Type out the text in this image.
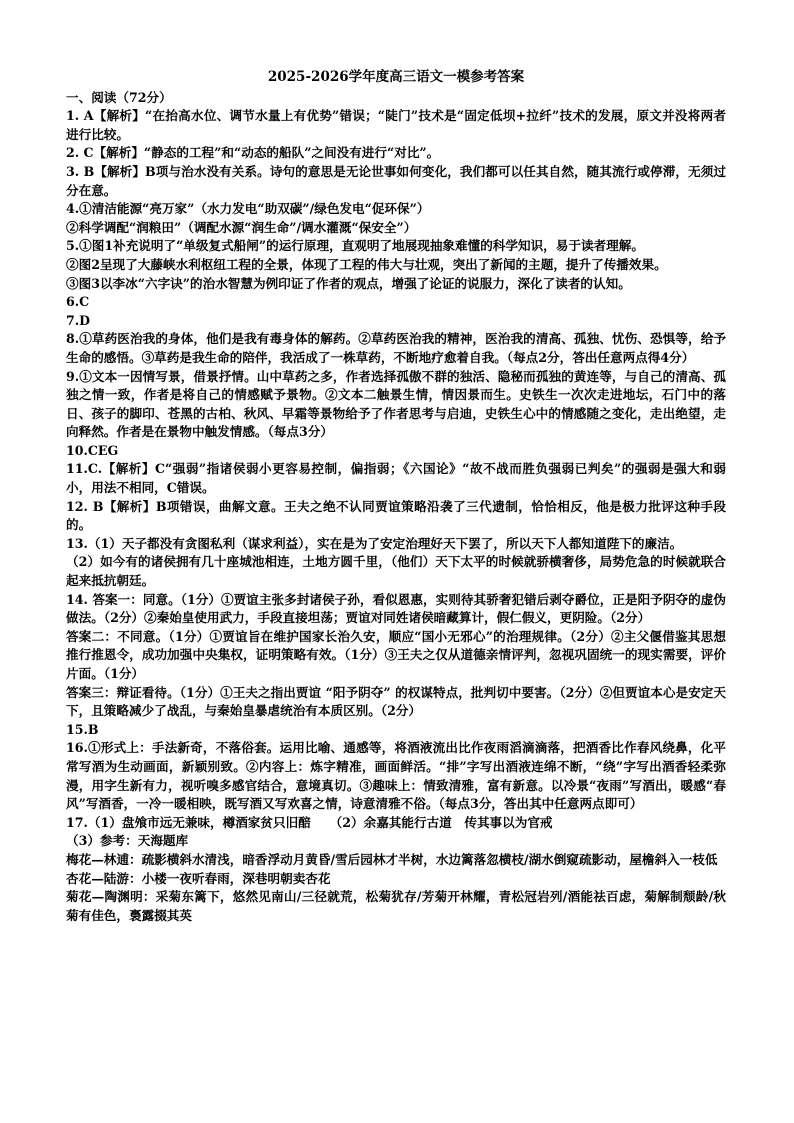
2025-2026学年度高三语文一模参考答案

一、阅读（72分）

1. A【解析】“在抬高水位、调节水量上有优势”错误；“陡门”技术是“固定低坝+拉纤”技术的发展，原文并没将两者进行比较。

2. C【解析】“静态的工程”和“动态的船队”之间没有进行“对比”。

3. B【解析】B项与治水没有关系。诗句的意思是无论世事如何变化，我们都可以任其自然，随其流行或停滞，无须过分在意。

4.①清洁能源“亮万家”（水力发电“助双碳”/绿色发电“促环保”）

②科学调配“润粮田”（调配水源“润生命”/调水灌溉“保安全”）

5.①图1补充说明了“单级复式船闸”的运行原理，直观明了地展现抽象难懂的科学知识，易于读者理解。

②图2呈现了大藤峡水利枢纽工程的全景，体现了工程的伟大与壮观，突出了新闻的主题，提升了传播效果。

③图3以李冰“六字诀”的治水智慧为例印证了作者的观点，增强了论证的说服力，深化了读者的认知。

6.C

7.D

8.①草药医治我的身体，他们是我有毒身体的解药。②草药医治我的精神，医治我的清高、孤独、忧伤、恐惧等，给予生命的感悟。③草药是我生命的陪伴，我活成了一株草药，不断地疗愈着自我。（每点2分，答出任意两点得4分）

9.①文本一因情写景，借景抒情。山中草药之多，作者选择孤傲不群的独活、隐秘而孤独的黄连等，与自己的清高、孤独之情一致，作者是将自己的情感赋予景物。②文本二触景生情，情因景而生。史铁生一次次走进地坛，石门中的落日、孩子的脚印、苍黑的古柏、秋风、早霜等景物给予了作者思考与启迪，史铁生心中的情感随之变化，走出绝望，走向释然。作者是在景物中触发情感。（每点3分）

10.CEG

11.C.【解析】C“强弱”指诸侯弱小更容易控制，偏指弱；《六国论》“故不战而胜负强弱已判矣”的强弱是强大和弱小，用法不相同，C错误。

12. B【解析】B项错误，曲解文意。王夫之绝不认同贾谊策略沿袭了三代遗制，恰恰相反，他是极力批评这种手段的。

13.（1）天子都没有贪图私利（谋求利益），实在是为了安定治理好天下罢了，所以天下人都知道陛下的廉洁。

（2）如今有的诸侯拥有几十座城池相连，土地方圆千里，（他们）天下太平的时候就骄横奢侈，局势危急的时候就联合起来抵抗朝廷。

14. 答案一：同意。（1分）①贾谊主张多封诸侯子孙，看似恩惠，实则待其骄奢犯错后剥夺爵位，正是阳予阴夺的虚伪做法。（2分）②秦始皇使用武力，手段直接坦荡；贾谊对同姓诸侯暗藏算计，假仁假义，更阴险。（2分）

答案二：不同意。（1分）①贾谊旨在维护国家长治久安，顺应“国小无邪心”的治理规律。（2分）②主父偃借鉴其思想推行推恩令，成功加强中央集权，证明策略有效。（1分）③王夫之仅从道德亲情评判，忽视巩固统一的现实需要，评价片面。（1分）

答案三：辩证看待。（1分）①王夫之指出贾谊 “阳予阴夺” 的权谋特点，批判切中要害。（2分）②但贾谊本心是安定天下，且策略减少了战乱，与秦始皇暴虐统治有本质区别。（2分）

15.B

16.①形式上：手法新奇，不落俗套。运用比喻、通感等，将酒液流出比作夜雨滔滴滴落，把酒香比作春风绕鼻，化平常写酒为生动画面，新颖别致。②内容上：炼字精准，画面鲜活。“排”字写出酒液连绵不断，“绕”字写出酒香轻柔弥漫，用字生新有力，视听嗅多感官结合，意境真切。③趣味上：情致清雅，富有新意。以冷景“夜雨”写酒出，暖感“春风”写酒香，一冷一暖相映，既写酒又写欢喜之情，诗意清雅不俗。（每点3分，答出其中任意两点即可）

17.（1）盘飧市远无兼味，樽酒家贫只旧醅　　（2）余嘉其能行古道　传其事以为官戒

（3）参考：天海题库

梅花—林逋：疏影横斜水清浅，暗香浮动月黄昏/雪后园林才半树，水边篱落忽横枝/湖水倒窥疏影动，屋檐斜入一枝低

杏花—陆游：小楼一夜听春雨，深巷明朝卖杏花

菊花—陶渊明：采菊东篱下，悠然见南山/三径就荒，松菊犹存/芳菊开林耀，青松冠岩列/酒能祛百虑，菊解制颓龄/秋菊有佳色，裛露掇其英
